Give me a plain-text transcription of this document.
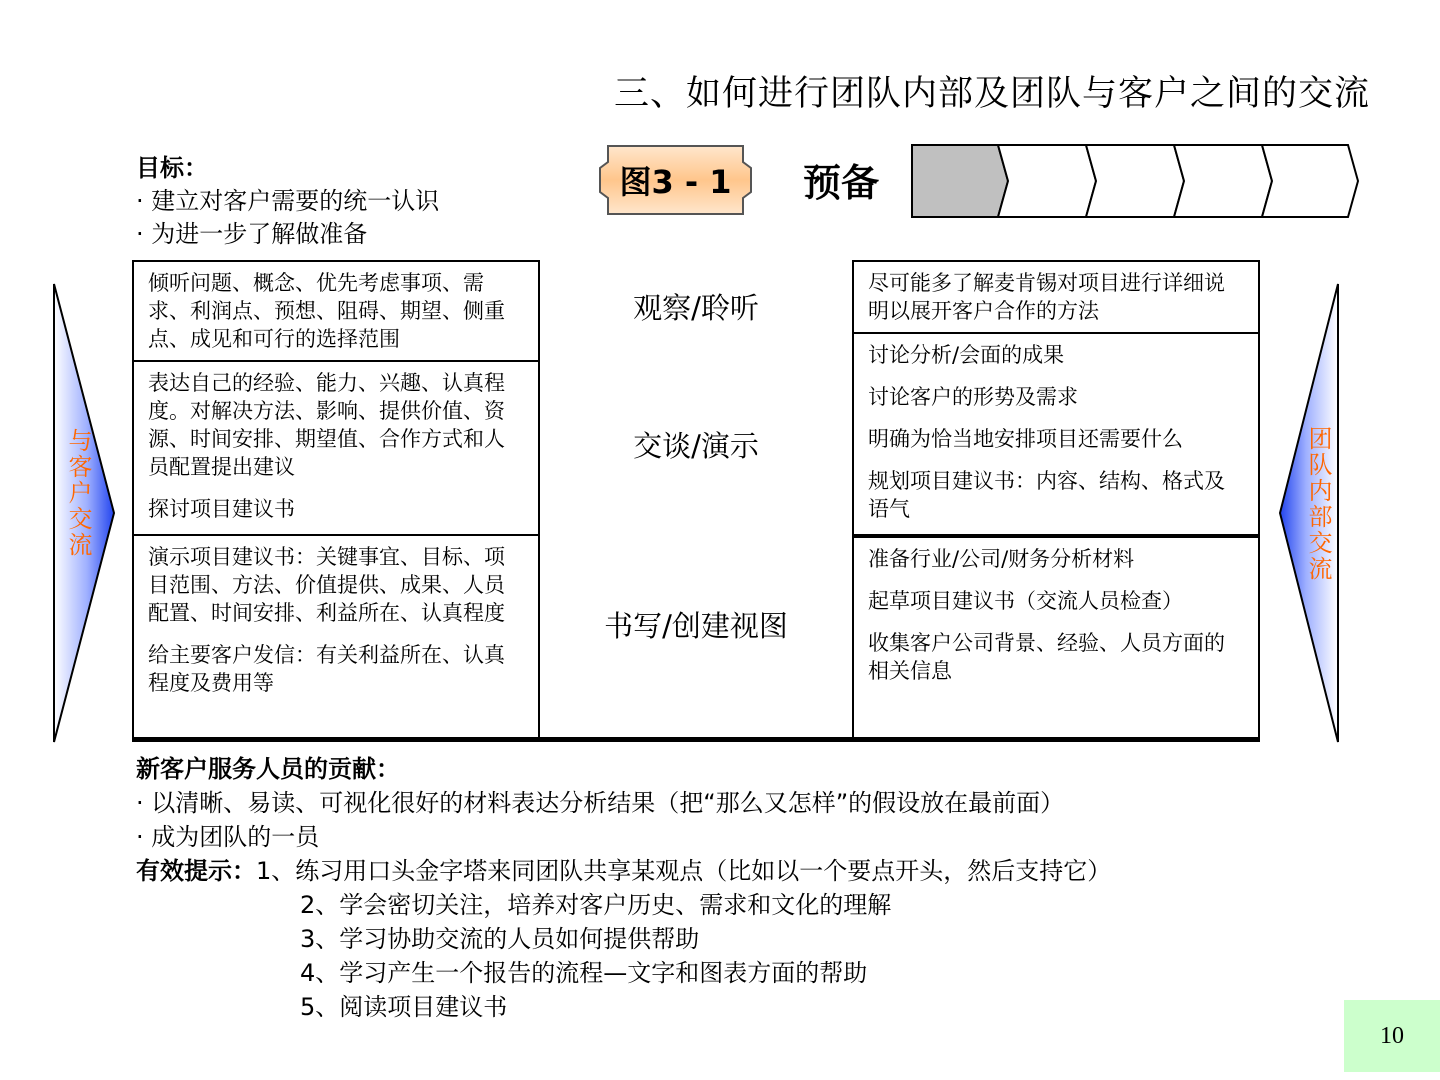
三、如何进行团队内部及团队与客户之间的交流
目标：
· 建立对客户需要的统一认识
· 为进一步了解做准备
图3 - 1	预备
与客户交流	团队内部交流

倾听问题、概念、优先考虑事项、需求、利润点、预想、阻碍、期望、侧重点、成见和可行的选择范围

表达自己的经验、能力、兴趣、认真程度。对解决方法、影响、提供价值、资源、时间安排、期望值、合作方式和人员配置提出建议

探讨项目建议书

演示项目建议书：关键事宜、目标、项目范围、方法、价值提供、成果、人员配置、时间安排、利益所在、认真程度

给主要客户发信：有关利益所在、认真程度及费用等

观察/聆听
交谈/演示
书写/创建视图

尽可能多了解麦肯锡对项目进行详细说明以展开客户合作的方法

讨论分析/会面的成果

讨论客户的形势及需求

明确为恰当地安排项目还需要什么

规划项目建议书：内容、结构、格式及语气

准备行业/公司/财务分析材料

起草项目建议书（交流人员检查）

收集客户公司背景、经验、人员方面的相关信息

新客户服务人员的贡献：
· 以清晰、易读、可视化很好的材料表达分析结果（把“那么又怎样”的假设放在最前面）
· 成为团队的一员
有效提示：1、练习用口头金字塔来同团队共享某观点（比如以一个要点开头，然后支持它）
2、学会密切关注，培养对客户历史、需求和文化的理解
3、学习协助交流的人员如何提供帮助
4、学习产生一个报告的流程—文字和图表方面的帮助
5、阅读项目建议书
10
